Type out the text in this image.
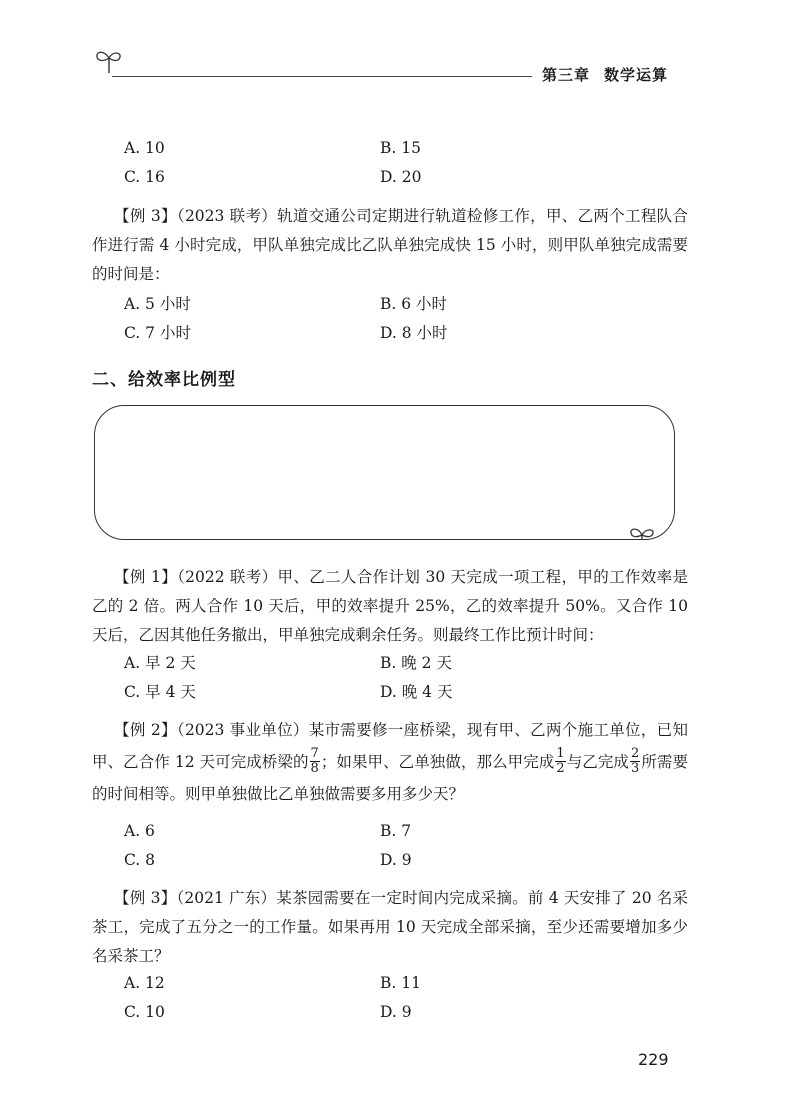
第三章 数学运算
A. 10	B. 15
C. 16	D. 20
【例 3】（2023 联考）轨道交通公司定期进行轨道检修工作，甲、乙两个工程队合作进行需 4 小时完成，甲队单独完成比乙队单独完成快 15 小时，则甲队单独完成需要的时间是：
A. 5 小时	B. 6 小时
C. 7 小时	D. 8 小时
二、给效率比例型
【例 1】（2022 联考）甲、乙二人合作计划 30 天完成一项工程，甲的工作效率是乙的 2 倍。两人合作 10 天后，甲的效率提升 25%，乙的效率提升 50%。又合作 10 天后，乙因其他任务撤出，甲单独完成剩余任务。则最终工作比预计时间：
A. 早 2 天	B. 晚 2 天
C. 早 4 天	D. 晚 4 天
【例 2】（2023 事业单位）某市需要修一座桥梁，现有甲、乙两个施工单位，已知甲、乙合作 12 天可完成桥梁的 $\frac{7}{8}$ ；如果甲、乙单独做，那么甲完成 $\frac{1}{2}$ 与乙完成 $\frac{2}{3}$ 所需要的时间相等。则甲单独做比乙单独做需要多用多少天？
A. 6	B. 7
C. 8	D. 9
【例 3】（2021 广东）某茶园需要在一定时间内完成采摘。前 4 天安排了 20 名采茶工，完成了五分之一的工作量。如果再用 10 天完成全部采摘，至少还需要增加多少名采茶工？
A. 12	B. 11
C. 10	D. 9
229
